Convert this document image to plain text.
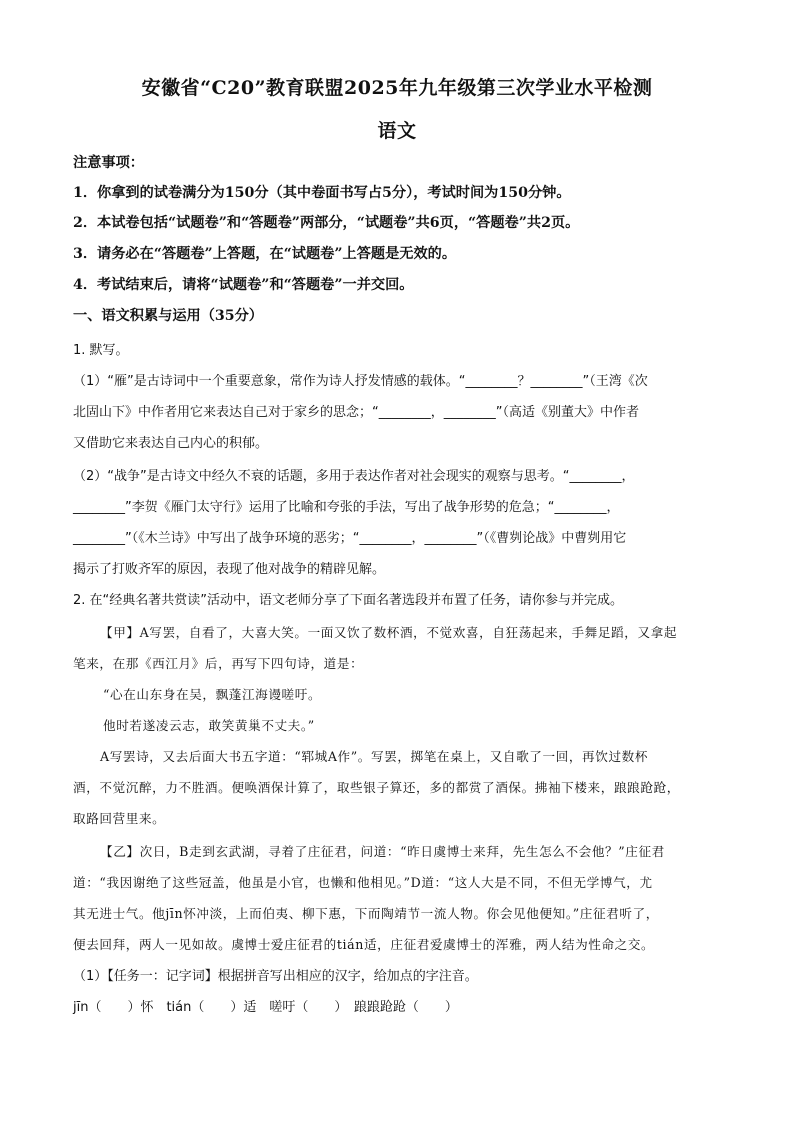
安徽省“C20”教育联盟2025年九年级第三次学业水平检测
语文
注意事项：
1．你拿到的试卷满分为150分（其中卷面书写占5分），考试时间为150分钟。
2．本试卷包括“试题卷”和“答题卷”两部分，“试题卷”共6页，“答题卷”共2页。
3．请务必在“答题卷”上答题，在“试题卷”上答题是无效的。
4．考试结束后，请将“试题卷”和“答题卷”一并交回。
一、语文积累与运用（35分）
1. 默写。
（1）“雁”是古诗词中一个重要意象，常作为诗人抒发情感的载体。“________？________”（王湾《次
北固山下》中作者用它来表达自己对于家乡的思念；“________，________”（高适《别董大》中作者
又借助它来表达自己内心的积郁。
（2）“战争”是古诗文中经久不衰的话题，多用于表达作者对社会现实的观察与思考。“________，
________”李贺《雁门太守行》运用了比喻和夸张的手法，写出了战争形势的危急；“________，
________”（《木兰诗》中写出了战争环境的恶劣；“________，________”（《曹刿论战》中曹刿用它
揭示了打败齐军的原因，表现了他对战争的精辟见解。
2. 在“经典名著共赏读”活动中，语文老师分享了下面名著选段并布置了任务，请你参与并完成。
【甲】A写罢，自看了，大喜大笑。一面又饮了数杯酒，不觉欢喜，自狂荡起来，手舞足蹈，又拿起
笔来，在那《西江月》后，再写下四句诗，道是：
“心在山东身在吴，飘蓬江海谩嗟吁。
他时若遂凌云志，敢笑黄巢不丈夫。”
A写罢诗，又去后面大书五字道：“郓城A作”。写罢，掷笔在桌上，又自歌了一回，再饮过数杯
酒，不觉沉醉，力不胜酒。便唤酒保计算了，取些银子算还，多的都赏了酒保。拂袖下楼来，踉踉跄跄，
取路回营里来。
【乙】次日，B走到玄武湖，寻着了庄征君，问道：“昨日虞博士来拜，先生怎么不会他？”庄征君
道：“我因谢绝了这些冠盖，他虽是小官，也懒和他相见。”D道：“这人大是不同，不但无学博气，尤
其无进士气。他jīn怀冲淡，上而伯夷、柳下惠，下而陶靖节一流人物。你会见他便知。”庄征君听了，
便去回拜，两人一见如故。虞博士爱庄征君的tián适，庄征君爱虞博士的浑雅，两人结为性命之交。
（1）【任务一：记字词】根据拼音写出相应的汉字，给加点的字注音。
jīn（　　）怀　tián（　　）适　嗟吁（　　）　踉踉跄跄（　　）
